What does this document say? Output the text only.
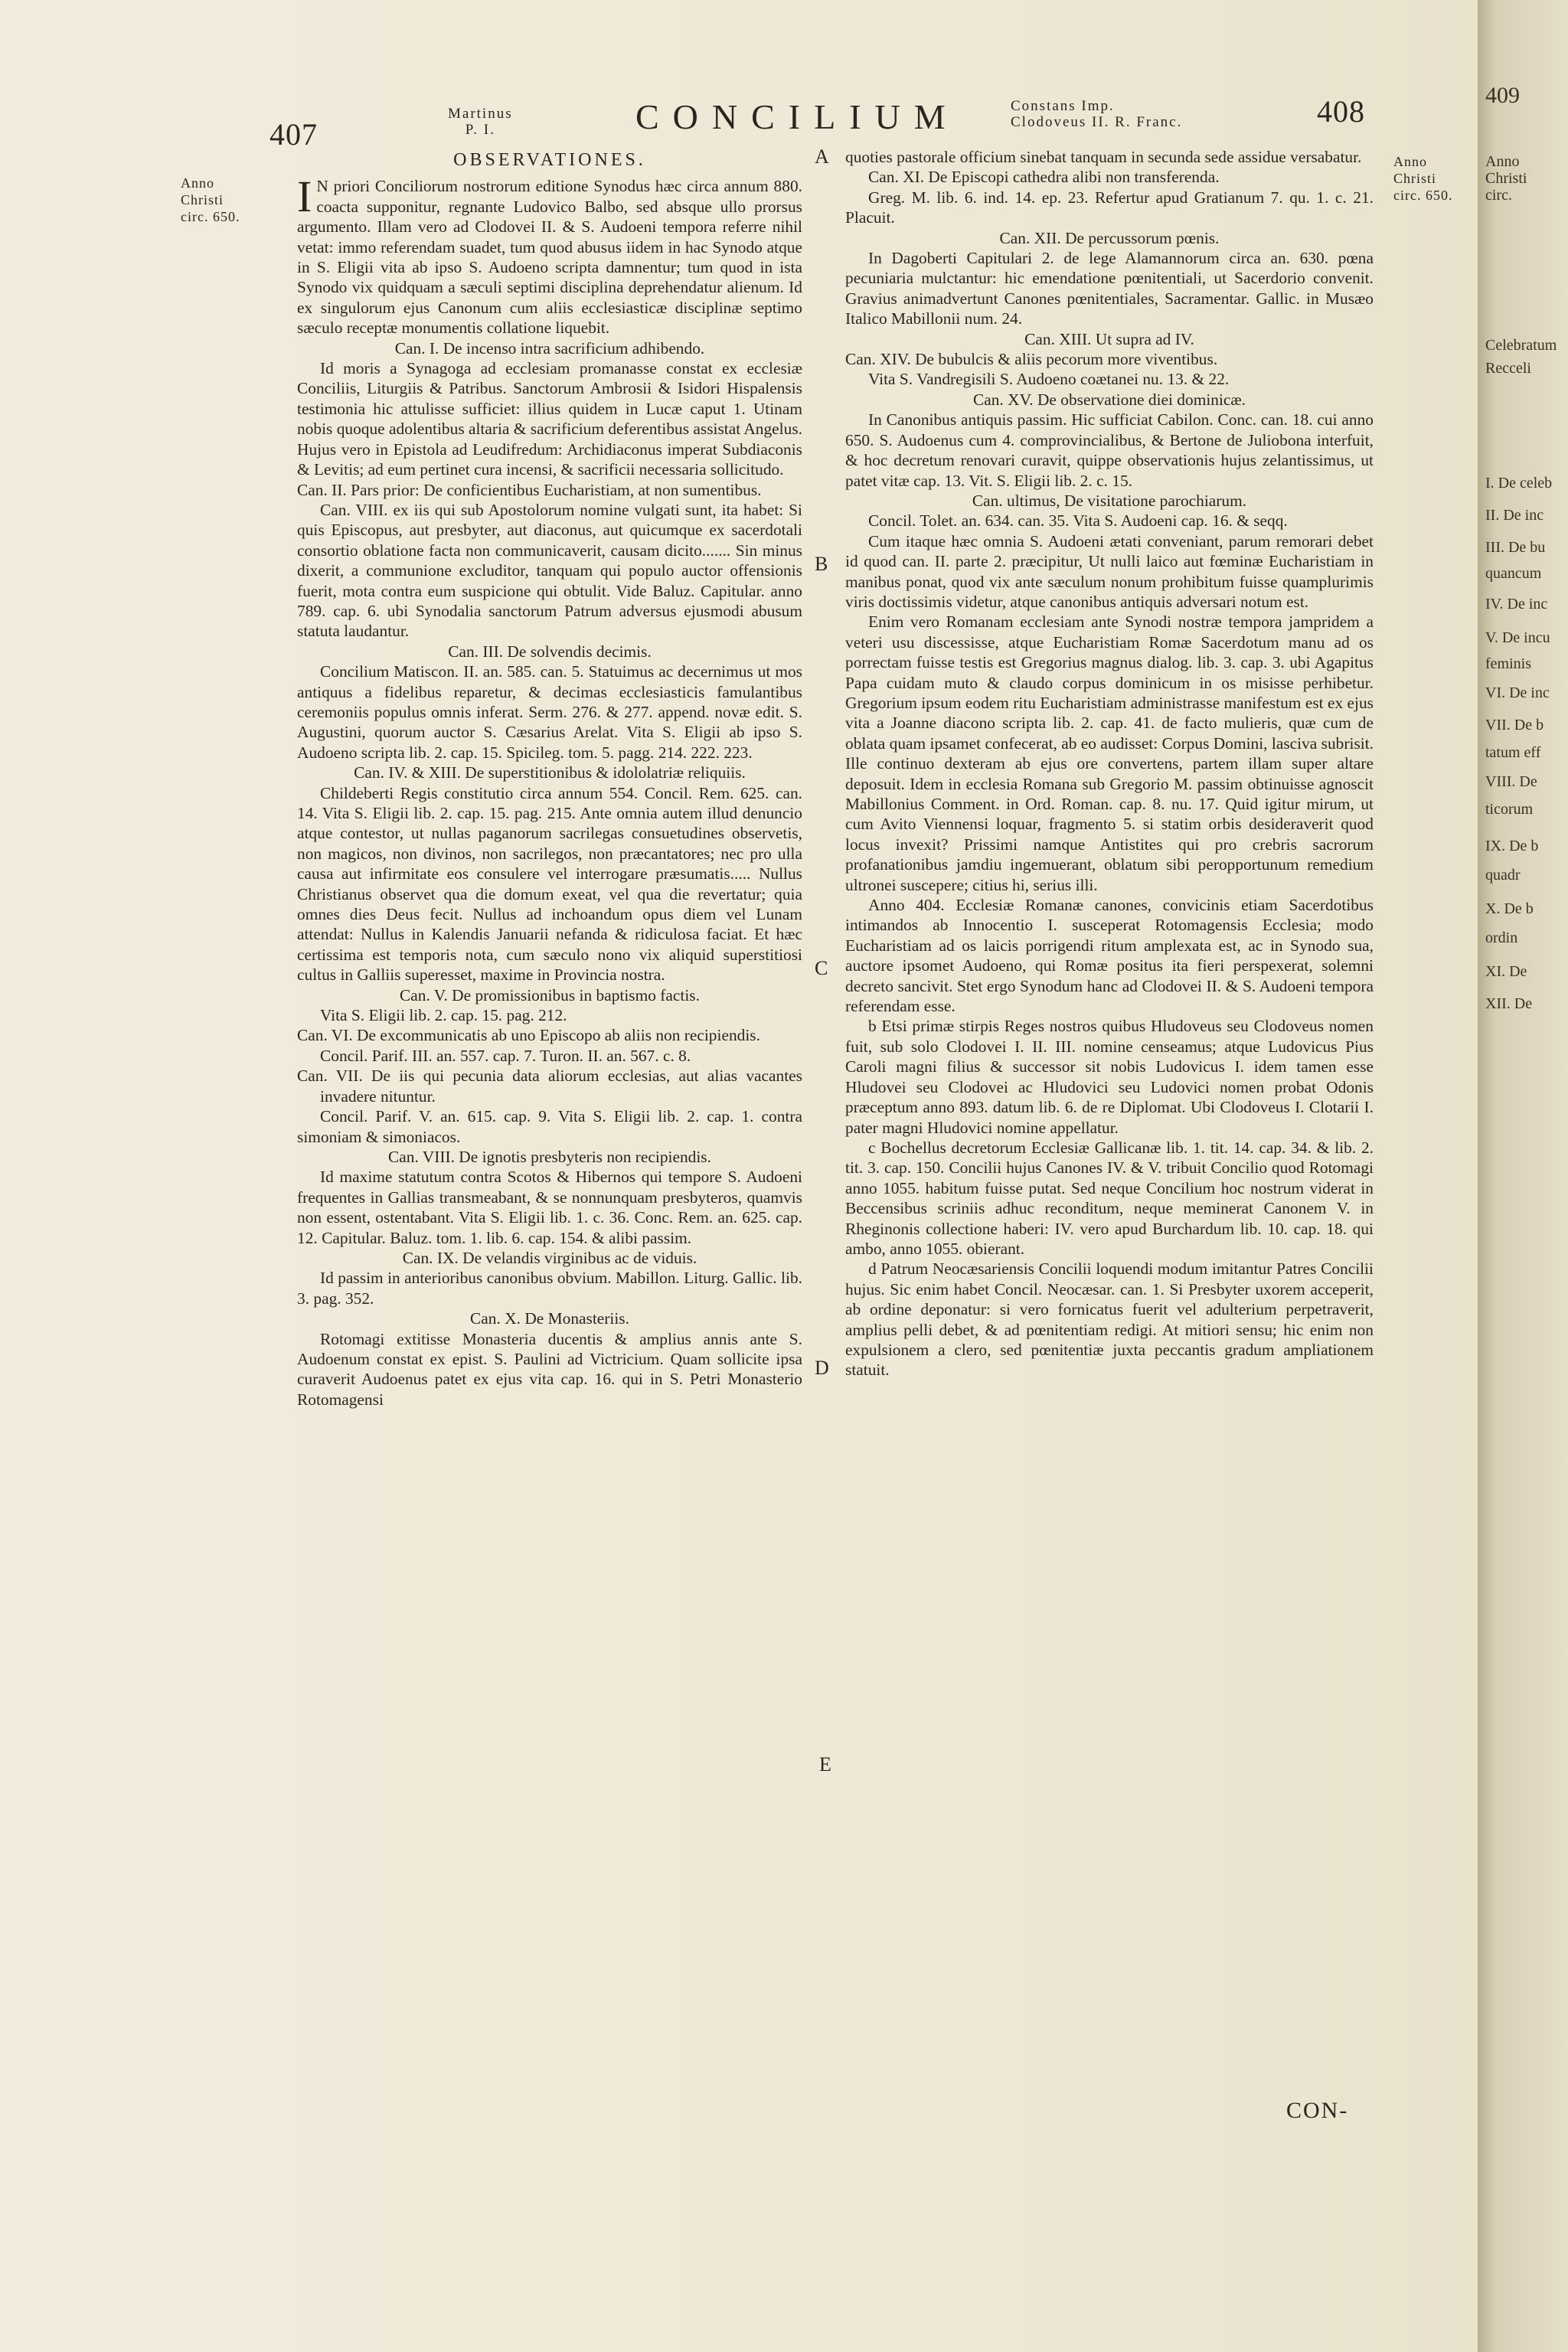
407
Martinus
P. I.	CONCILIUM	Constans Imp.
Clodoveus II. R. Franc.	408
Anno
Christi
circ. 650.
Anno
Christi
circ. 650.
A
B
C
D
E

OBSERVATIONES.

I N priori Conciliorum nostrorum editione Synodus hæc circa annum 880. coacta supponitur, regnante Ludovico Balbo, sed absque ullo prorsus argumento. Illam vero ad Clodovei II. & S. Audoeni tempora referre nihil vetat: immo referendam suadet, tum quod abusus iidem in hac Synodo atque in S. Eligii vita ab ipso S. Audoeno scripta damnentur; tum quod in ista Synodo vix quidquam a sæculi septimi disciplina deprehendatur alienum. Id ex singulorum ejus Canonum cum aliis ecclesiasticæ disciplinæ septimo sæculo receptæ monumentis collatione liquebit.

Can. I. De incenso intra sacrificium adhibendo.

Id moris a Synagoga ad ecclesiam promanasse constat ex ecclesiæ Conciliis, Liturgiis & Patribus. Sanctorum Ambrosii & Isidori Hispalensis testimonia hic attulisse sufficiet: illius quidem in Lucæ caput 1. Utinam nobis quoque adolentibus altaria & sacrificium deferentibus assistat Angelus. Hujus vero in Epistola ad Leudifredum: Archidiaconus imperat Subdiaconis & Levitis; ad eum pertinet cura incensi, & sacrificii necessaria sollicitudo.

Can. II. Pars prior: De conficientibus Eucharistiam, at non sumentibus.

Can. VIII. ex iis qui sub Apostolorum nomine vulgati sunt, ita habet: Si quis Episcopus, aut presbyter, aut diaconus, aut quicumque ex sacerdotali consortio oblatione facta non communicaverit, causam dicito....... Sin minus dixerit, a communione excluditor, tanquam qui populo auctor offensionis fuerit, mota contra eum suspicione qui obtulit. Vide Baluz. Capitular. anno 789. cap. 6. ubi Synodalia sanctorum Patrum adversus ejusmodi abusum statuta laudantur.

Can. III. De solvendis decimis.

Concilium Matiscon. II. an. 585. can. 5. Statuimus ac decernimus ut mos antiquus a fidelibus reparetur, & decimas ecclesiasticis famulantibus ceremoniis populus omnis inferat. Serm. 276. & 277. append. novæ edit. S. Augustini, quorum auctor S. Cæsarius Arelat. Vita S. Eligii ab ipso S. Audoeno scripta lib. 2. cap. 15. Spicileg. tom. 5. pagg. 214. 222. 223.

Can. IV. & XIII. De superstitionibus & idololatriæ reliquiis.

Childeberti Regis constitutio circa annum 554. Concil. Rem. 625. can. 14. Vita S. Eligii lib. 2. cap. 15. pag. 215. Ante omnia autem illud denuncio atque contestor, ut nullas paganorum sacrilegas consuetudines observetis, non magicos, non divinos, non sacrilegos, non præcantatores; nec pro ulla causa aut infirmitate eos consulere vel interrogare præsumatis..... Nullus Christianus observet qua die domum exeat, vel qua die revertatur; quia omnes dies Deus fecit. Nullus ad inchoandum opus diem vel Lunam attendat: Nullus in Kalendis Januarii nefanda & ridiculosa faciat. Et hæc certissima est temporis nota, cum sæculo nono vix aliquid superstitiosi cultus in Galliis superesset, maxime in Provincia nostra.

Can. V. De promissionibus in baptismo factis.

Vita S. Eligii lib. 2. cap. 15. pag. 212.

Can. VI. De excommunicatis ab uno Episcopo ab aliis non recipiendis.

Concil. Parif. III. an. 557. cap. 7. Turon. II. an. 567. c. 8.

Can. VII. De iis qui pecunia data aliorum ecclesias, aut alias vacantes invadere nituntur.

Concil. Parif. V. an. 615. cap. 9. Vita S. Eligii lib. 2. cap. 1. contra simoniam & simoniacos.

Can. VIII. De ignotis presbyteris non recipiendis.

Id maxime statutum contra Scotos & Hibernos qui tempore S. Audoeni frequentes in Gallias transmeabant, & se nonnunquam presbyteros, quamvis non essent, ostentabant. Vita S. Eligii lib. 1. c. 36. Conc. Rem. an. 625. cap. 12. Capitular. Baluz. tom. 1. lib. 6. cap. 154. & alibi passim.

Can. IX. De velandis virginibus ac de viduis.

Id passim in anterioribus canonibus obvium. Mabillon. Liturg. Gallic. lib. 3. pag. 352.

Can. X. De Monasteriis.

Rotomagi extitisse Monasteria ducentis & amplius annis ante S. Audoenum constat ex epist. S. Paulini ad Victricium. Quam sollicite ipsa curaverit Audoenus patet ex ejus vita cap. 16. qui in S. Petri Monasterio Rotomagensi

quoties pastorale officium sinebat tanquam in secunda sede assidue versabatur.

Can. XI. De Episcopi cathedra alibi non transferenda.

Greg. M. lib. 6. ind. 14. ep. 23. Refertur apud Gratianum 7. qu. 1. c. 21. Placuit.

Can. XII. De percussorum pœnis.

In Dagoberti Capitulari 2. de lege Alamannorum circa an. 630. pœna pecuniaria mulctantur: hic emendatione pœnitentiali, ut Sacerdorio convenit. Gravius animadvertunt Canones pœnitentiales, Sacramentar. Gallic. in Musæo Italico Mabillonii num. 24.

Can. XIII. Ut supra ad IV.

Can. XIV. De bubulcis & aliis pecorum more viventibus.

Vita S. Vandregisili S. Audoeno coætanei nu. 13. & 22.

Can. XV. De observatione diei dominicæ.

In Canonibus antiquis passim. Hic sufficiat Cabilon. Conc. can. 18. cui anno 650. S. Audoenus cum 4. comprovincialibus, & Bertone de Juliobona interfuit, & hoc decretum renovari curavit, quippe observationis hujus zelantissimus, ut patet vitæ cap. 13. Vit. S. Eligii lib. 2. c. 15.

Can. ultimus, De visitatione parochiarum.

Concil. Tolet. an. 634. can. 35. Vita S. Audoeni cap. 16. & seqq.

Cum itaque hæc omnia S. Audoeni ætati conveniant, parum remorari debet id quod can. II. parte 2. præcipitur, Ut nulli laico aut fœminæ Eucharistiam in manibus ponat, quod vix ante sæculum nonum prohibitum fuisse quamplurimis viris doctissimis videtur, atque canonibus antiquis adversari notum est.

Enim vero Romanam ecclesiam ante Synodi nostræ tempora jampridem a veteri usu discessisse, atque Eucharistiam Romæ Sacerdotum manu ad os porrectam fuisse testis est Gregorius magnus dialog. lib. 3. cap. 3. ubi Agapitus Papa cuidam muto & claudo corpus dominicum in os misisse perhibetur. Gregorium ipsum eodem ritu Eucharistiam administrasse manifestum est ex ejus vita a Joanne diacono scripta lib. 2. cap. 41. de facto mulieris, quæ cum de oblata quam ipsamet confecerat, ab eo audisset: Corpus Domini, lasciva subrisit. Ille continuo dexteram ab ejus ore convertens, partem illam super altare deposuit. Idem in ecclesia Romana sub Gregorio M. passim obtinuisse agnoscit Mabillonius Comment. in Ord. Roman. cap. 8. nu. 17. Quid igitur mirum, ut cum Avito Viennensi loquar, fragmento 5. si statim orbis desideraverit quod locus invexit? Prissimi namque Antistites qui pro crebris sacrorum profanationibus jamdiu ingemuerant, oblatum sibi peropportunum remedium ultronei suscepere; citius hi, serius illi.

Anno 404. Ecclesiæ Romanæ canones, convicinis etiam Sacerdotibus intimandos ab Innocentio I. susceperat Rotomagensis Ecclesia; modo Eucharistiam ad os laicis porrigendi ritum amplexata est, ac in Synodo sua, auctore ipsomet Audoeno, qui Romæ positus ita fieri perspexerat, solemni decreto sancivit. Stet ergo Synodum hanc ad Clodovei II. & S. Audoeni tempora referendam esse.

b Etsi primæ stirpis Reges nostros quibus Hludoveus seu Clodoveus nomen fuit, sub solo Clodovei I. II. III. nomine censeamus; atque Ludovicus Pius Caroli magni filius & successor sit nobis Ludovicus I. idem tamen esse Hludovei seu Clodovei ac Hludovici seu Ludovici nomen probat Odonis præceptum anno 893. datum lib. 6. de re Diplomat. Ubi Clodoveus I. Clotarii I. pater magni Hludovici nomine appellatur.

c Bochellus decretorum Ecclesiæ Gallicanæ lib. 1. tit. 14. cap. 34. & lib. 2. tit. 3. cap. 150. Concilii hujus Canones IV. & V. tribuit Concilio quod Rotomagi anno 1055. habitum fuisse putat. Sed neque Concilium hoc nostrum viderat in Beccensibus scriniis adhuc reconditum, neque meminerat Canonem V. in Rheginonis collectione haberi: IV. vero apud Burchardum lib. 10. cap. 18. qui ambo, anno 1055. obierant.

d Patrum Neocæsariensis Concilii loquendi modum imitantur Patres Concilii hujus. Sic enim habet Concil. Neocæsar. can. 1. Si Presbyter uxorem acceperit, ab ordine deponatur: si vero fornicatus fuerit vel adulterium perpetraverit, amplius pelli debet, & ad pœnitentiam redigi. At mitiori sensu; hic enim non expulsionem a clero, sed pœnitentiæ juxta peccantis gradum ampliationem statuit.

CON-
409
Anno
Christi
circ.
Celebratum
Recceli
I. De celeb
II. De inc
III. De bu
quancum
IV. De inc
V. De incu
feminis
VI. De inc
VII. De b
tatum eff
VIII. De
ticorum
IX. De b
quadr
X. De b
ordin
XI. De
XII. De
